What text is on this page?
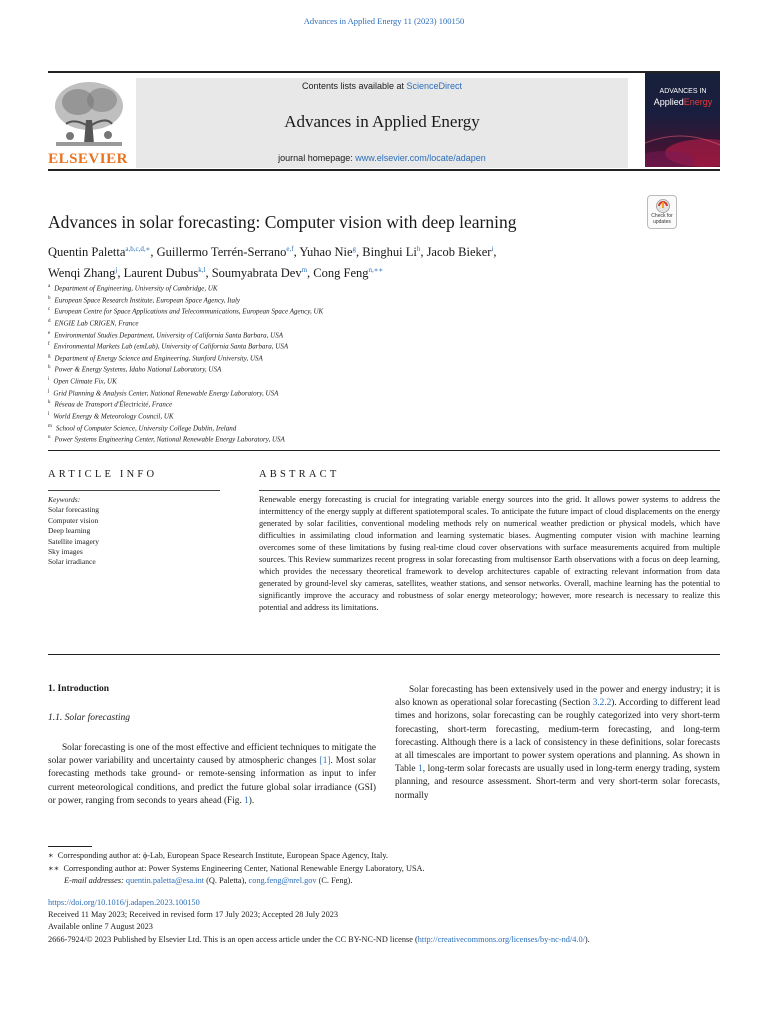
Advances in Applied Energy 11 (2023) 100150
ELSEVIER
Contents lists available at ScienceDirect
Advances in Applied Energy
journal homepage: www.elsevier.com/locate/adapen
ADVANCES IN
AppliedEnergy
Check for updates
Advances in solar forecasting: Computer vision with deep learning
Quentin Paletta$^{a,b,c,d,∗}$, Guillermo Terrén-Serrano$^{e,f}$, Yuhao Nie$^g$, Binghui Li$^h$, Jacob Bieker$^i$,
Wenqi Zhang$^j$, Laurent Dubus$^{k,l}$, Soumyabrata Dev$^m$, Cong Feng$^{n,∗∗}$
$^a$ Department of Engineering, University of Cambridge, UK
$^b$ European Space Research Institute, European Space Agency, Italy
$^c$ European Centre for Space Applications and Telecommunications, European Space Agency, UK
$^d$ ENGIE Lab CRIGEN, France
$^e$ Environmental Studies Department, University of California Santa Barbara, USA
$^f$ Environmental Markets Lab (emLab), University of California Santa Barbara, USA
$^g$ Department of Energy Science and Engineering, Stanford University, USA
$^h$ Power & Energy Systems, Idaho National Laboratory, USA
$^i$ Open Climate Fix, UK
$^j$ Grid Planning & Analysis Center, National Renewable Energy Laboratory, USA
$^k$ Réseau de Transport d'Électricité, France
$^l$ World Energy & Meteorology Council, UK
$^m$ School of Computer Science, University College Dublin, Ireland
$^n$ Power Systems Engineering Center, National Renewable Energy Laboratory, USA
ARTICLE INFO	ABSTRACT
Keywords:
Solar forecasting
Computer vision
Deep learning
Satellite imagery
Sky images
Solar irradiance
Renewable energy forecasting is crucial for integrating variable energy sources into the grid. It allows power systems to address the intermittency of the energy supply at different spatiotemporal scales. To anticipate the future impact of cloud displacements on the energy generated by solar facilities, conventional modeling methods rely on numerical weather prediction or physical models, which have difficulties in assimilating cloud information and learning systematic biases. Augmenting computer vision with machine learning overcomes some of these limitations by fusing real-time cloud cover observations with surface measurements acquired from multiple sources. This Review summarizes recent progress in solar forecasting from multisensor Earth observations with a focus on deep learning, which provides the necessary theoretical framework to develop architectures capable of extracting relevant information from data generated by ground-level sky cameras, satellites, weather stations, and sensor networks. Overall, machine learning has the potential to significantly improve the accuracy and robustness of solar energy meteorology; however, more research is necessary to realize this potential and address its limitations.
1. Introduction
1.1. Solar forecasting
Solar forecasting is one of the most effective and efficient techniques to mitigate the solar power variability and uncertainty caused by atmospheric changes [1]. Most solar forecasting methods take ground- or remote-sensing information as input to infer current meteorological conditions, and predict the future global solar irradiance (GSI) or power, ranging from seconds to years ahead (Fig. 1).
Solar forecasting has been extensively used in the power and energy industry; it is also known as operational solar forecasting (Section 3.2.2). According to different lead times and horizons, solar forecasting can be roughly categorized into very short-term forecasting, short-term forecasting, medium-term forecasting, and long-term forecasting. Although there is a lack of consistency in these definitions, solar forecasts at all timescales are important to power system operations and planning. As shown in Table 1, long-term solar forecasts are usually used in long-term energy trading, system planning, and resource assessment. Short-term and very short-term solar forecasts, normally
∗ Corresponding author at: ϕ-Lab, European Space Research Institute, European Space Agency, Italy.
∗∗ Corresponding author at: Power Systems Engineering Center, National Renewable Energy Laboratory, USA.
E-mail addresses: quentin.paletta@esa.int (Q. Paletta), cong.feng@nrel.gov (C. Feng).
https://doi.org/10.1016/j.adapen.2023.100150
Received 11 May 2023; Received in revised form 17 July 2023; Accepted 28 July 2023
Available online 7 August 2023
2666-7924/© 2023 Published by Elsevier Ltd. This is an open access article under the CC BY-NC-ND license (http://creativecommons.org/licenses/by-nc-nd/4.0/).
